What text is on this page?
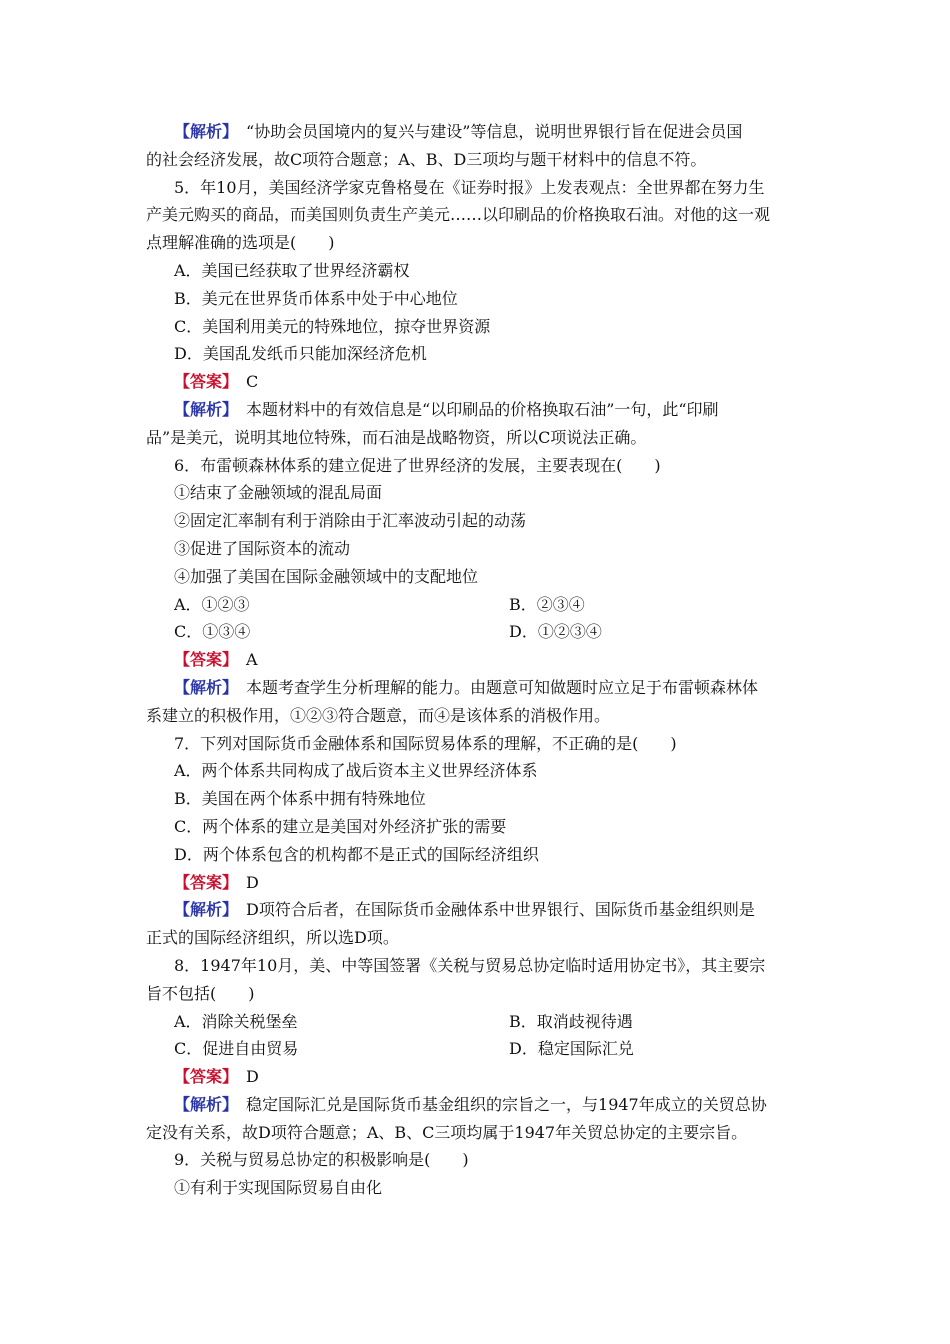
【解析】　“协助会员国境内的复兴与建设”等信息，说明世界银行旨在促进会员国
的社会经济发展，故C项符合题意；A、B、D三项均与题干材料中的信息不符。
5．年10月，美国经济学家克鲁格曼在《证券时报》上发表观点：全世界都在努力生
产美元购买的商品，而美国则负责生产美元……以印刷品的价格换取石油。对他的这一观
点理解准确的选项是(　　)
A．美国已经获取了世界经济霸权
B．美元在世界货币体系中处于中心地位
C．美国利用美元的特殊地位，掠夺世界资源
D．美国乱发纸币只能加深经济危机
【答案】　C
【解析】　本题材料中的有效信息是“以印刷品的价格换取石油”一句，此“印刷
品”是美元，说明其地位特殊，而石油是战略物资，所以C项说法正确。
6．布雷顿森林体系的建立促进了世界经济的发展，主要表现在(　　)
①结束了金融领域的混乱局面
②固定汇率制有利于消除由于汇率波动引起的动荡
③促进了国际资本的流动
④加强了美国在国际金融领域中的支配地位
A．①②③	B．②③④
C．①③④	D．①②③④
【答案】　A
【解析】　本题考查学生分析理解的能力。由题意可知做题时应立足于布雷顿森林体
系建立的积极作用，①②③符合题意，而④是该体系的消极作用。
7．下列对国际货币金融体系和国际贸易体系的理解，不正确的是(　　)
A．两个体系共同构成了战后资本主义世界经济体系
B．美国在两个体系中拥有特殊地位
C．两个体系的建立是美国对外经济扩张的需要
D．两个体系包含的机构都不是正式的国际经济组织
【答案】　D
【解析】　D项符合后者，在国际货币金融体系中世界银行、国际货币基金组织则是
正式的国际经济组织，所以选D项。
8．1947年10月，美、中等国签署《关税与贸易总协定临时适用协定书》，其主要宗
旨不包括(　　)
A．消除关税堡垒	B．取消歧视待遇
C．促进自由贸易	D．稳定国际汇兑
【答案】　D
【解析】　稳定国际汇兑是国际货币基金组织的宗旨之一，与1947年成立的关贸总协
定没有关系，故D项符合题意；A、B、C三项均属于1947年关贸总协定的主要宗旨。
9．关税与贸易总协定的积极影响是(　　)
①有利于实现国际贸易自由化
